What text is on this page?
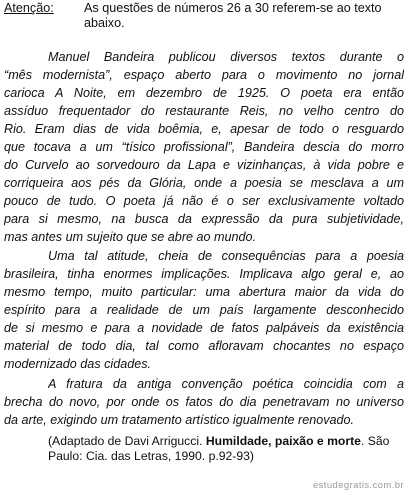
Atenção: As questões de números 26 a 30 referem-se ao texto abaixo.
Manuel Bandeira publicou diversos textos durante o
“mês modernista”, espaço aberto para o movimento no jornal
carioca A Noite, em dezembro de 1925. O poeta era então
assíduo frequentador do restaurante Reis, no velho centro do
Rio. Eram dias de vida boêmia, e, apesar de todo o resguardo
que tocava a um “tísico profissional”, Bandeira descia do morro
do Curvelo ao sorvedouro da Lapa e vizinhanças, à vida pobre e
corriqueira aos pés da Glória, onde a poesia se mesclava a um
pouco de tudo. O poeta já não é o ser exclusivamente voltado
para si mesmo, na busca da expressão da pura subjetividade,
mas antes um sujeito que se abre ao mundo.
Uma tal atitude, cheia de consequências para a poesia
brasileira, tinha enormes implicações. Implicava algo geral e, ao
mesmo tempo, muito particular: uma abertura maior da vida do
espírito para a realidade de um país largamente desconhecido
de si mesmo e para a novidade de fatos palpáveis da existência
material de todo dia, tal como afloravam chocantes no espaço
modernizado das cidades.
A fratura da antiga convenção poética coincidia com a
brecha do novo, por onde os fatos do dia penetravam no universo
da arte, exigindo um tratamento artístico igualmente renovado.
(Adaptado de Davi Arrigucci. Humildade, paixão e morte. São Paulo: Cia. das Letras, 1990. p.92-93)
estudegratis.com.br
